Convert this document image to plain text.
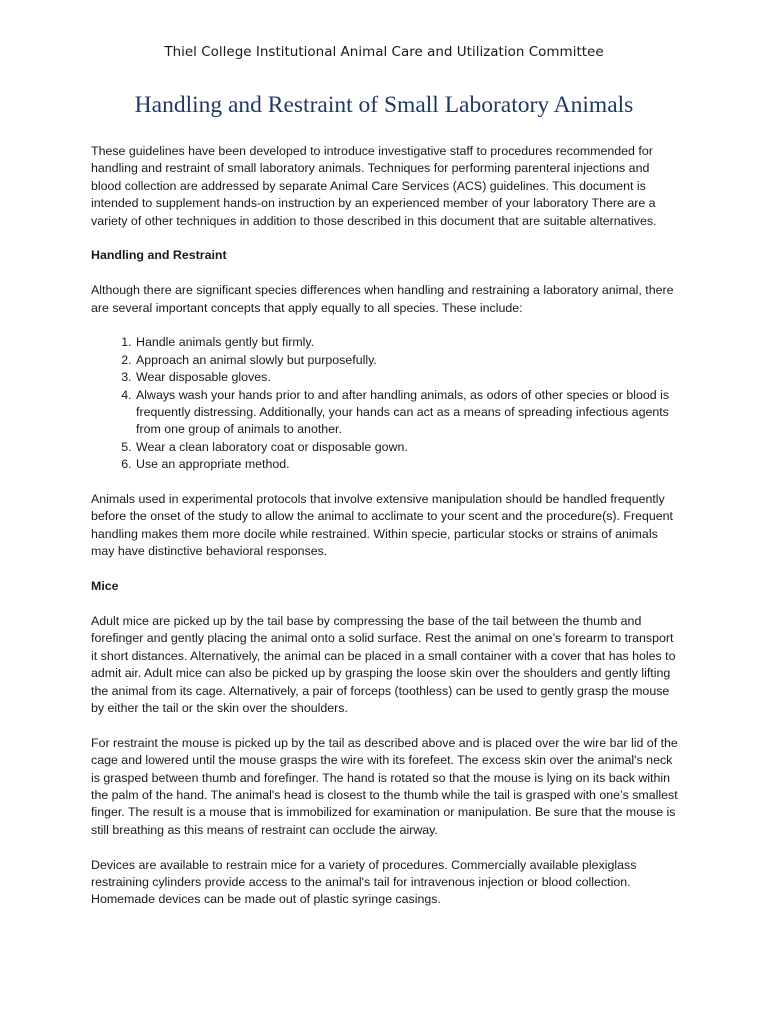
Thiel College Institutional Animal Care and Utilization Committee
Handling and Restraint of Small Laboratory Animals

These guidelines have been developed to introduce investigative staff to procedures recommended for handling and restraint of small laboratory animals. Techniques for performing parenteral injections and blood collection are addressed by separate Animal Care Services (ACS) guidelines. This document is intended to supplement hands-on instruction by an experienced member of your laboratory There are a variety of other techniques in addition to those described in this document that are suitable alternatives.

Handling and Restraint

Although there are significant species differences when handling and restraining a laboratory animal, there are several important concepts that apply equally to all species. These include:

1. Handle animals gently but firmly.
2. Approach an animal slowly but purposefully.
3. Wear disposable gloves.
4. Always wash your hands prior to and after handling animals, as odors of other species or blood is frequently distressing. Additionally, your hands can act as a means of spreading infectious agents from one group of animals to another.
5. Wear a clean laboratory coat or disposable gown.
6. Use an appropriate method.

Animals used in experimental protocols that involve extensive manipulation should be handled frequently before the onset of the study to allow the animal to acclimate to your scent and the procedure(s). Frequent handling makes them more docile while restrained. Within specie, particular stocks or strains of animals may have distinctive behavioral responses.

Mice

Adult mice are picked up by the tail base by compressing the base of the tail between the thumb and forefinger and gently placing the animal onto a solid surface. Rest the animal on one’s forearm to transport it short distances. Alternatively, the animal can be placed in a small container with a cover that has holes to admit air. Adult mice can also be picked up by grasping the loose skin over the shoulders and gently lifting the animal from its cage. Alternatively, a pair of forceps (toothless) can be used to gently grasp the mouse by either the tail or the skin over the shoulders.

For restraint the mouse is picked up by the tail as described above and is placed over the wire bar lid of the cage and lowered until the mouse grasps the wire with its forefeet. The excess skin over the animal's neck is grasped between thumb and forefinger. The hand is rotated so that the mouse is lying on its back within the palm of the hand. The animal's head is closest to the thumb while the tail is grasped with one’s smallest finger. The result is a mouse that is immobilized for examination or manipulation. Be sure that the mouse is still breathing as this means of restraint can occlude the airway.

Devices are available to restrain mice for a variety of procedures. Commercially available plexiglass restraining cylinders provide access to the animal's tail for intravenous injection or blood collection. Homemade devices can be made out of plastic syringe casings.
